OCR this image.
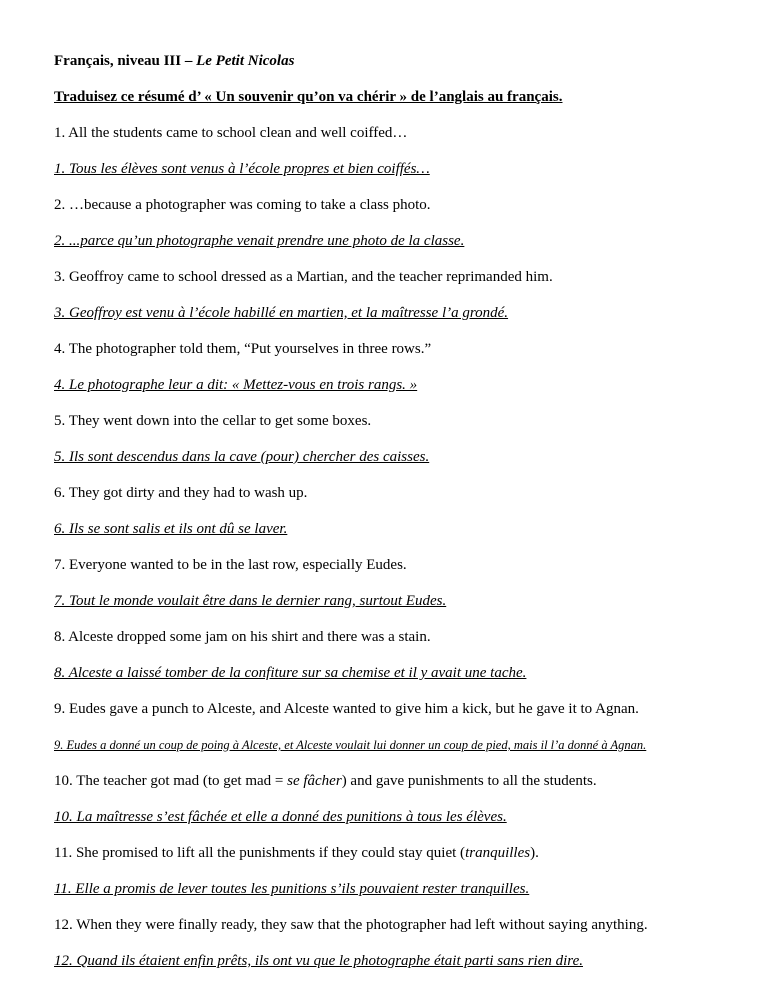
Français, niveau III – Le Petit Nicolas
Traduisez ce résumé d’ « Un souvenir qu’on va chérir » de l’anglais au français.
1. All the students came to school clean and well coiffed…
1. Tous les élèves sont venus à l’école propres et bien coiffés…
2. …because a photographer was coming to take a class photo.
2. ...parce qu’un photographe venait prendre une photo de la classe.
3. Geoffroy came to school dressed as a Martian, and the teacher reprimanded him.
3. Geoffroy est venu à l’école habillé en martien, et la maîtresse l’a grondé.
4. The photographer told them, “Put yourselves in three rows.”
4. Le photographe leur a dit: « Mettez-vous en trois rangs. »
5. They went down into the cellar to get some boxes.
5. Ils sont descendus dans la cave (pour) chercher des caisses.
6. They got dirty and they had to wash up.
6. Ils se sont salis et ils ont dû se laver.
7. Everyone wanted to be in the last row, especially Eudes.
7. Tout le monde voulait être dans le dernier rang, surtout Eudes.
8. Alceste dropped some jam on his shirt and there was a stain.
8. Alceste a laissé tomber de la confiture sur sa chemise et il y avait une tache.
9. Eudes gave a punch to Alceste, and Alceste wanted to give him a kick, but he gave it to Agnan.
9. Eudes a donné un coup de poing à Alceste, et Alceste voulait lui donner un coup de pied, mais il l’a donné à Agnan.
10. The teacher got mad (to get mad = se fâcher) and gave punishments to all the students.
10. La maîtresse s’est fâchée et elle a donné des punitions à tous les élèves.
11. She promised to lift all the punishments if they could stay quiet (tranquilles).
11. Elle a promis de lever toutes les punitions s’ils pouvaient rester tranquilles.
12. When they were finally ready, they saw that the photographer had left without saying anything.
12. Quand ils étaient enfin prêts, ils ont vu que le photographe était parti sans rien dire.
